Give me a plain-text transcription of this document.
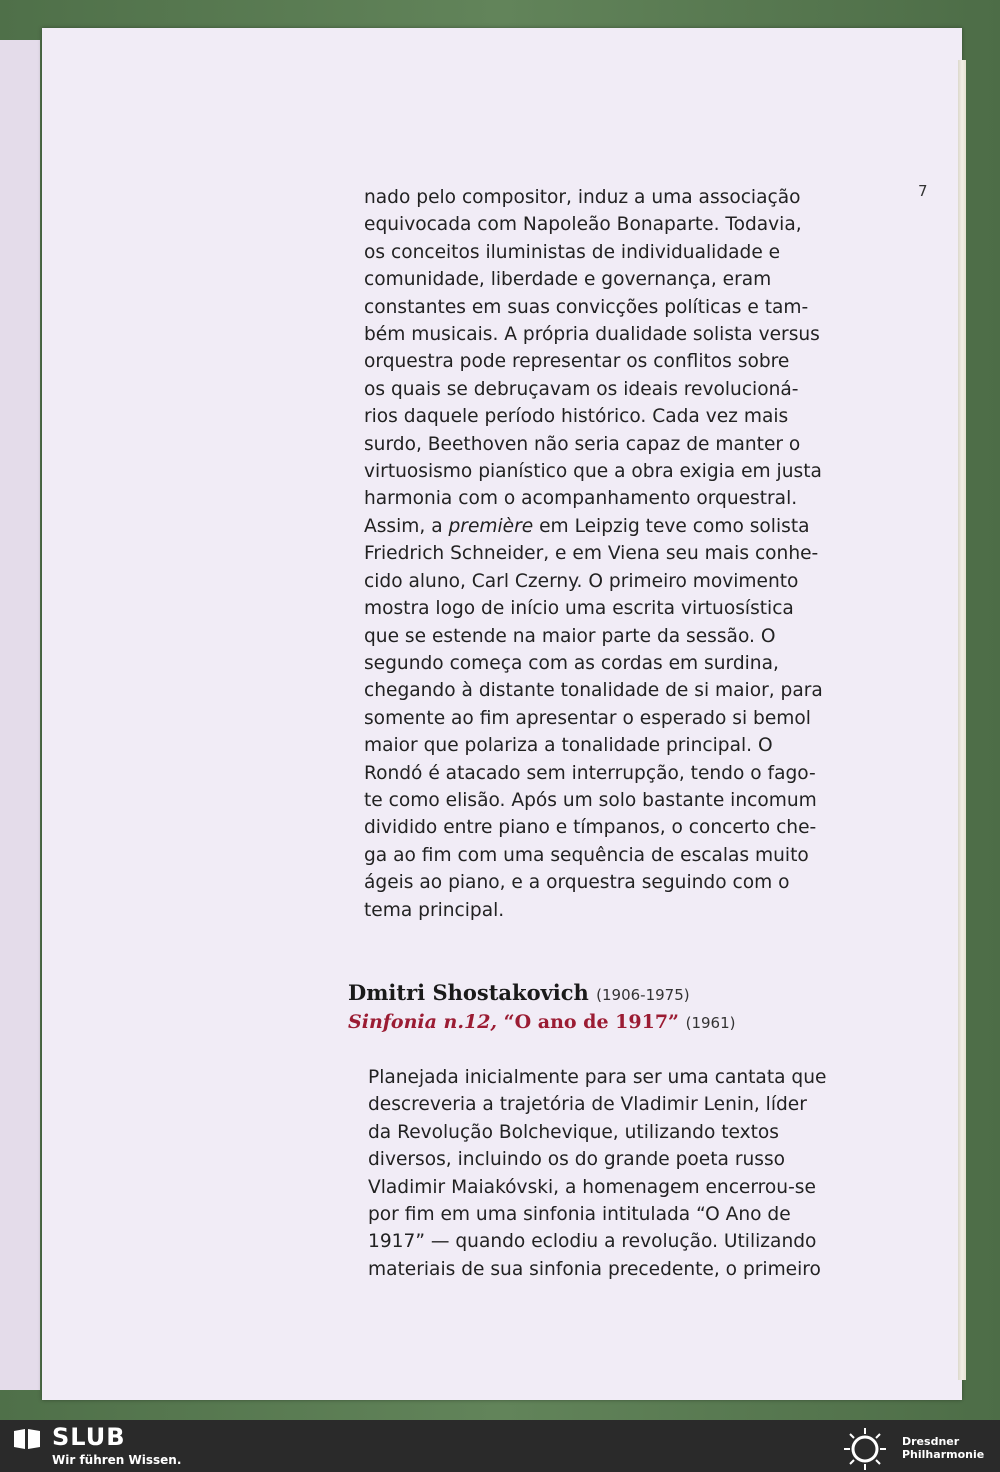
7
nado pelo compositor, induz a uma associação
equivocada com Napoleão Bonaparte. Todavia,
os conceitos iluministas de individualidade e
comunidade, liberdade e governança, eram
constantes em suas convicções políticas e tam-
bém musicais. A própria dualidade solista versus
orquestra pode representar os conflitos sobre
os quais se debruçavam os ideais revolucioná-
rios daquele período histórico. Cada vez mais
surdo, Beethoven não seria capaz de manter o
virtuosismo pianístico que a obra exigia em justa
harmonia com o acompanhamento orquestral.
Assim, a première em Leipzig teve como solista
Friedrich Schneider, e em Viena seu mais conhe-
cido aluno, Carl Czerny. O primeiro movimento
mostra logo de início uma escrita virtuosística
que se estende na maior parte da sessão. O
segundo começa com as cordas em surdina,
chegando à distante tonalidade de si maior, para
somente ao fim apresentar o esperado si bemol
maior que polariza a tonalidade principal. O
Rondó é atacado sem interrupção, tendo o fago-
te como elisão. Após um solo bastante incomum
dividido entre piano e tímpanos, o concerto che-
ga ao fim com uma sequência de escalas muito
ágeis ao piano, e a orquestra seguindo com o
tema principal.
Dmitri Shostakovich (1906-1975)
Sinfonia n.12, “O ano de 1917” (1961)
Planejada inicialmente para ser uma cantata que
descreveria a trajetória de Vladimir Lenin, líder
da Revolução Bolchevique, utilizando textos
diversos, incluindo os do grande poeta russo
Vladimir Maiakóvski, a homenagem encerrou-se
por fim em uma sinfonia intitulada “O Ano de
1917” — quando eclodiu a revolução. Utilizando
materiais de sua sinfonia precedente, o primeiro
SLUB
Wir führen Wissen.
Dresdner
Philharmonie
